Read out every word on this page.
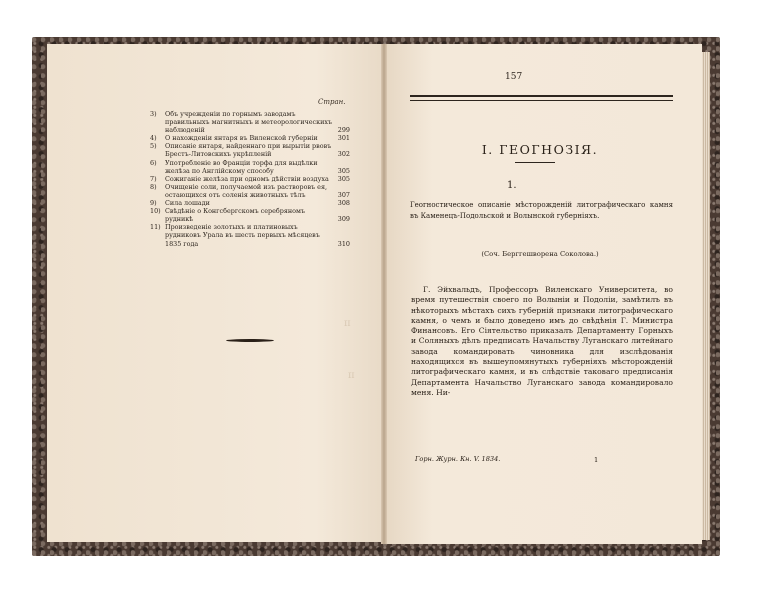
Стран.
3) Объ учрежденіи по горнымъ заводамъ правильныхъ магнитныхъ и метеорологическихъ наблюденій	299
4) О нахожденіи янтаря въ Виленской губерніи	301
5) Описаніе янтаря, найденнаго при вырытіи рвовъ Брестъ-Литовскихъ укрѣпленій	302
6) Употребленіе во Франціи торфа для выдѣлки желѣза по Англійскому способу	305
7) Сожиганіе желѣза при одномъ дѣйствіи воздуха 305
8) Очищеніе соли, получаемой изъ растворовъ ея, остающихся отъ соленія животныхъ тѣлъ	307
9) Сила лошади	308
10) Свѣдѣніе о Конгсбергскомъ серебряномъ рудникѣ	309
11) Произведеніе золотыхъ и платиновыхъ рудниковъ Урала въ шесть первыхъ мѣсяцевъ 1835 года	310
ɪɪ
ɪɪ
157
I. ГЕОГНОЗІЯ.
1.
Геогностическое описаніе мѣсторожденій литографическаго камня въ Каменецъ-Подольской и Волынской губерніяхъ.
(Соч. Берггешворена Соколова.)
Г. Эйхвальдъ, Профессоръ Виленскаго Университета, во время путешествія своего по Волыніи и Подоліи, замѣтилъ въ нѣкоторыхъ мѣстахъ сихъ губерній признаки литографическаго камня, о чемъ и было доведено имъ до свѣдѣнія Г. Министра Финансовъ. Его Сіятельство приказалъ Департаменту Горныхъ и Соляныхъ дѣлъ предписать Начальству Луганскаго литейнаго завода командировать чиновника для изслѣдованія находящихся въ вышеупомянутыхъ губерніяхъ мѣсторожденій литографическаго камня, и въ слѣдствіе таковаго предписанія Департамента Начальство Луганскаго завода командировало меня. Ни-
Горн. Журн. Кн. V. 1834.	1
